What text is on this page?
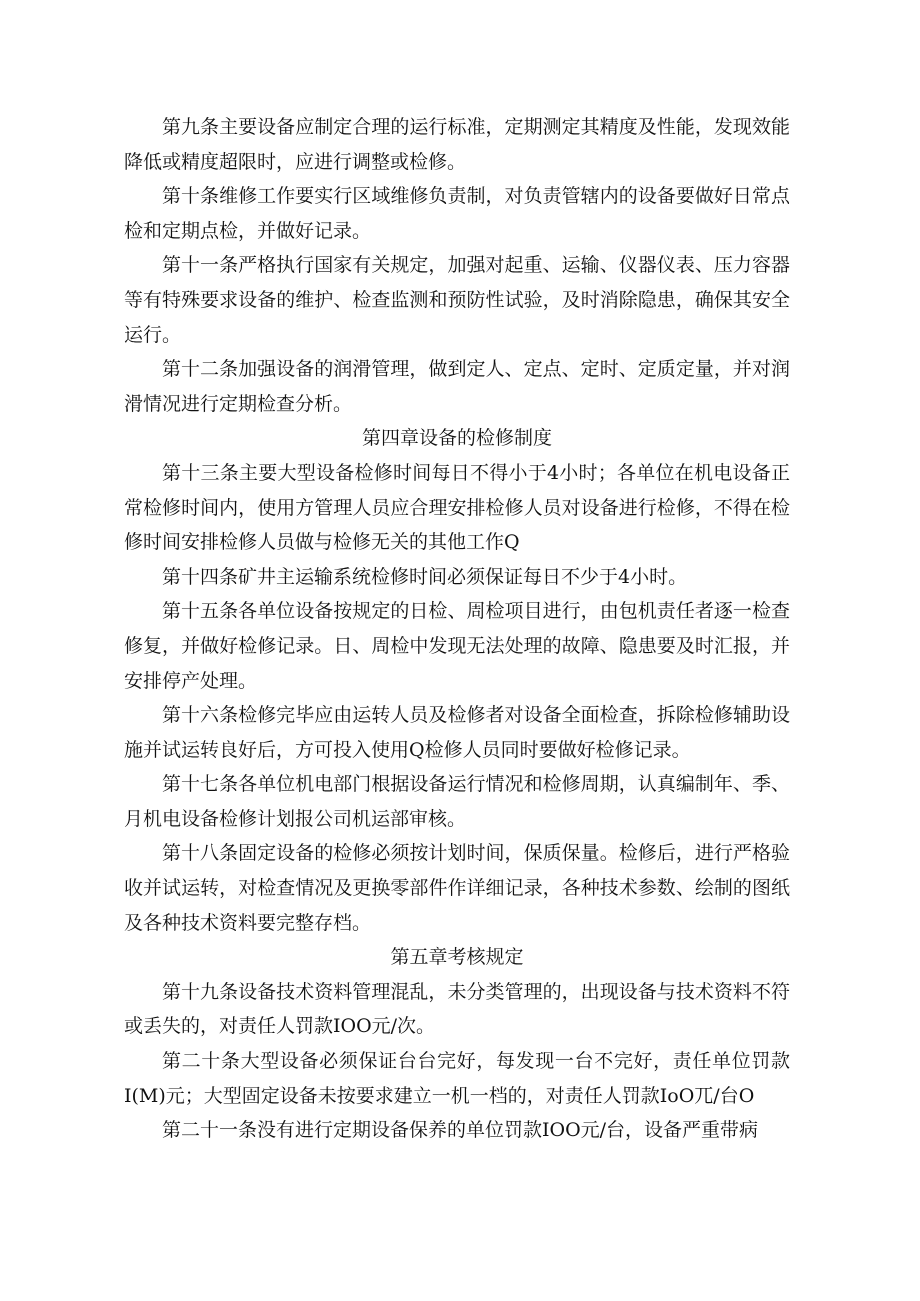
第九条主要设备应制定合理的运行标准，定期测定其精度及性能，发现效能降低或精度超限时，应进行调整或检修。

第十条维修工作要实行区域维修负责制，对负责管辖内的设备要做好日常点检和定期点检，并做好记录。

第十一条严格执行国家有关规定，加强对起重、运输、仪器仪表、压力容器等有特殊要求设备的维护、检查监测和预防性试验，及时消除隐患，确保其安全运行。

第十二条加强设备的润滑管理，做到定人、定点、定时、定质定量，并对润滑情况进行定期检查分析。

第四章设备的检修制度

第十三条主要大型设备检修时间每日不得小于4小时；各单位在机电设备正常检修时间内，使用方管理人员应合理安排检修人员对设备进行检修，不得在检修时间安排检修人员做与检修无关的其他工作Q

第十四条矿井主运输系统检修时间必须保证每日不少于4小时。

第十五条各单位设备按规定的日检、周检项目进行，由包机责任者逐一检查修复，并做好检修记录。日、周检中发现无法处理的故障、隐患要及时汇报，并安排停产处理。

第十六条检修完毕应由运转人员及检修者对设备全面检查，拆除检修辅助设施并试运转良好后，方可投入使用Q检修人员同时要做好检修记录。

第十七条各单位机电部门根据设备运行情况和检修周期，认真编制年、季、月机电设备检修计划报公司机运部审核。

第十八条固定设备的检修必须按计划时间，保质保量。检修后，进行严格验收并试运转，对检查情况及更换零部件作详细记录，各种技术参数、绘制的图纸及各种技术资料要完整存档。

第五章考核规定

第十九条设备技术资料管理混乱，未分类管理的，出现设备与技术资料不符或丢失的，对责任人罚款IOO元/次。

第二十条大型设备必须保证台台完好，每发现一台不完好，责任单位罚款I(M)元；大型固定设备未按要求建立一机一档的，对责任人罚款IoO兀/台O

第二十一条没有进行定期设备保养的单位罚款IOO元/台，设备严重带病
